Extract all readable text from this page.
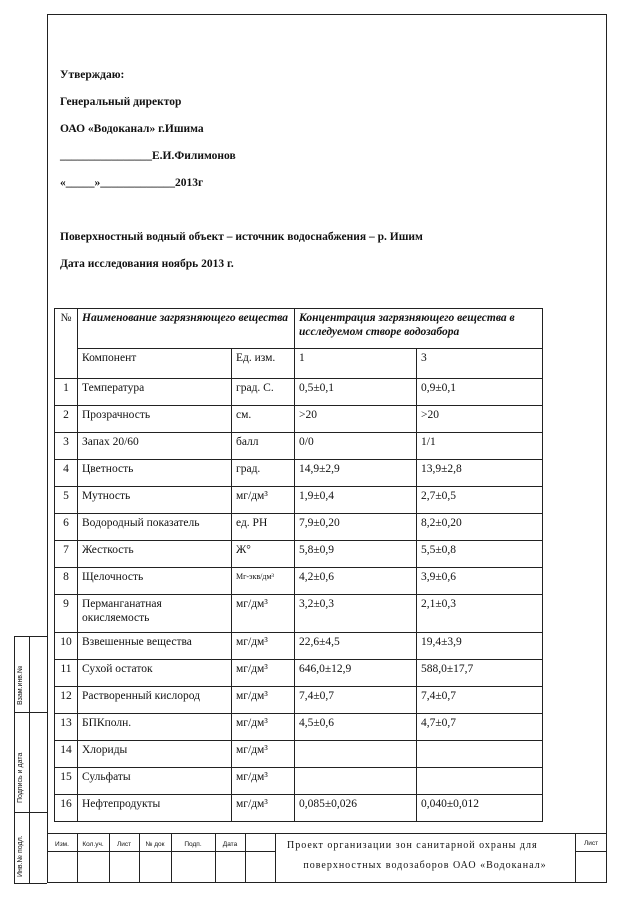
Взам.инв.№
Подпись и дата
Инв.№ подл.
Утверждаю:
Генеральный директор
ОАО «Водоканал» г.Ишима
________________Е.И.Филимонов
«_____»_____________2013г
Поверхностный водный объект – источник водоснабжения – р. Ишим
Дата исследования ноябрь 2013 г.
№	Наименование загрязняющего вещества		Концентрация загрязняющего вещества в исследуемом створе водозабора	
	Компонент	Ед. изм.	1	3
1	Температура	град. С.	0,5±0,1	0,9±0,1
2	Прозрачность	см.	>20	>20
3	Запах 20/60	балл	0/0	1/1
4	Цветность	град.	14,9±2,9	13,9±2,8
5	Мутность	мг/дм³	1,9±0,4	2,7±0,5
6	Водородный показатель	ед. PH	7,9±0,20	8,2±0,20
7	Жесткость	Ж°	5,8±0,9	5,5±0,8
8	Щелочность	Мг-экв/дм³	4,2±0,6	3,9±0,6
9	Перманганатная окисляемость	мг/дм³	3,2±0,3	2,1±0,3
10	Взвешенные вещества	мг/дм³	22,6±4,5	19,4±3,9
11	Сухой остаток	мг/дм³	646,0±12,9	588,0±17,7
12	Растворенный кислород	мг/дм³	7,4±0,7	7,4±0,7
13	БПКполн.	мг/дм³	4,5±0,6	4,7±0,7
14	Хлориды	мг/дм³		
15	Сульфаты	мг/дм³		
16	Нефтепродукты	мг/дм³	0,085±0,026	0,040±0,012
Изм.	Кол.уч.	Лист	№ док	Подп.	Дата	Проект организации зон санитарной охраны для
поверхностных водозаборов ОАО «Водоканал»
Лист
